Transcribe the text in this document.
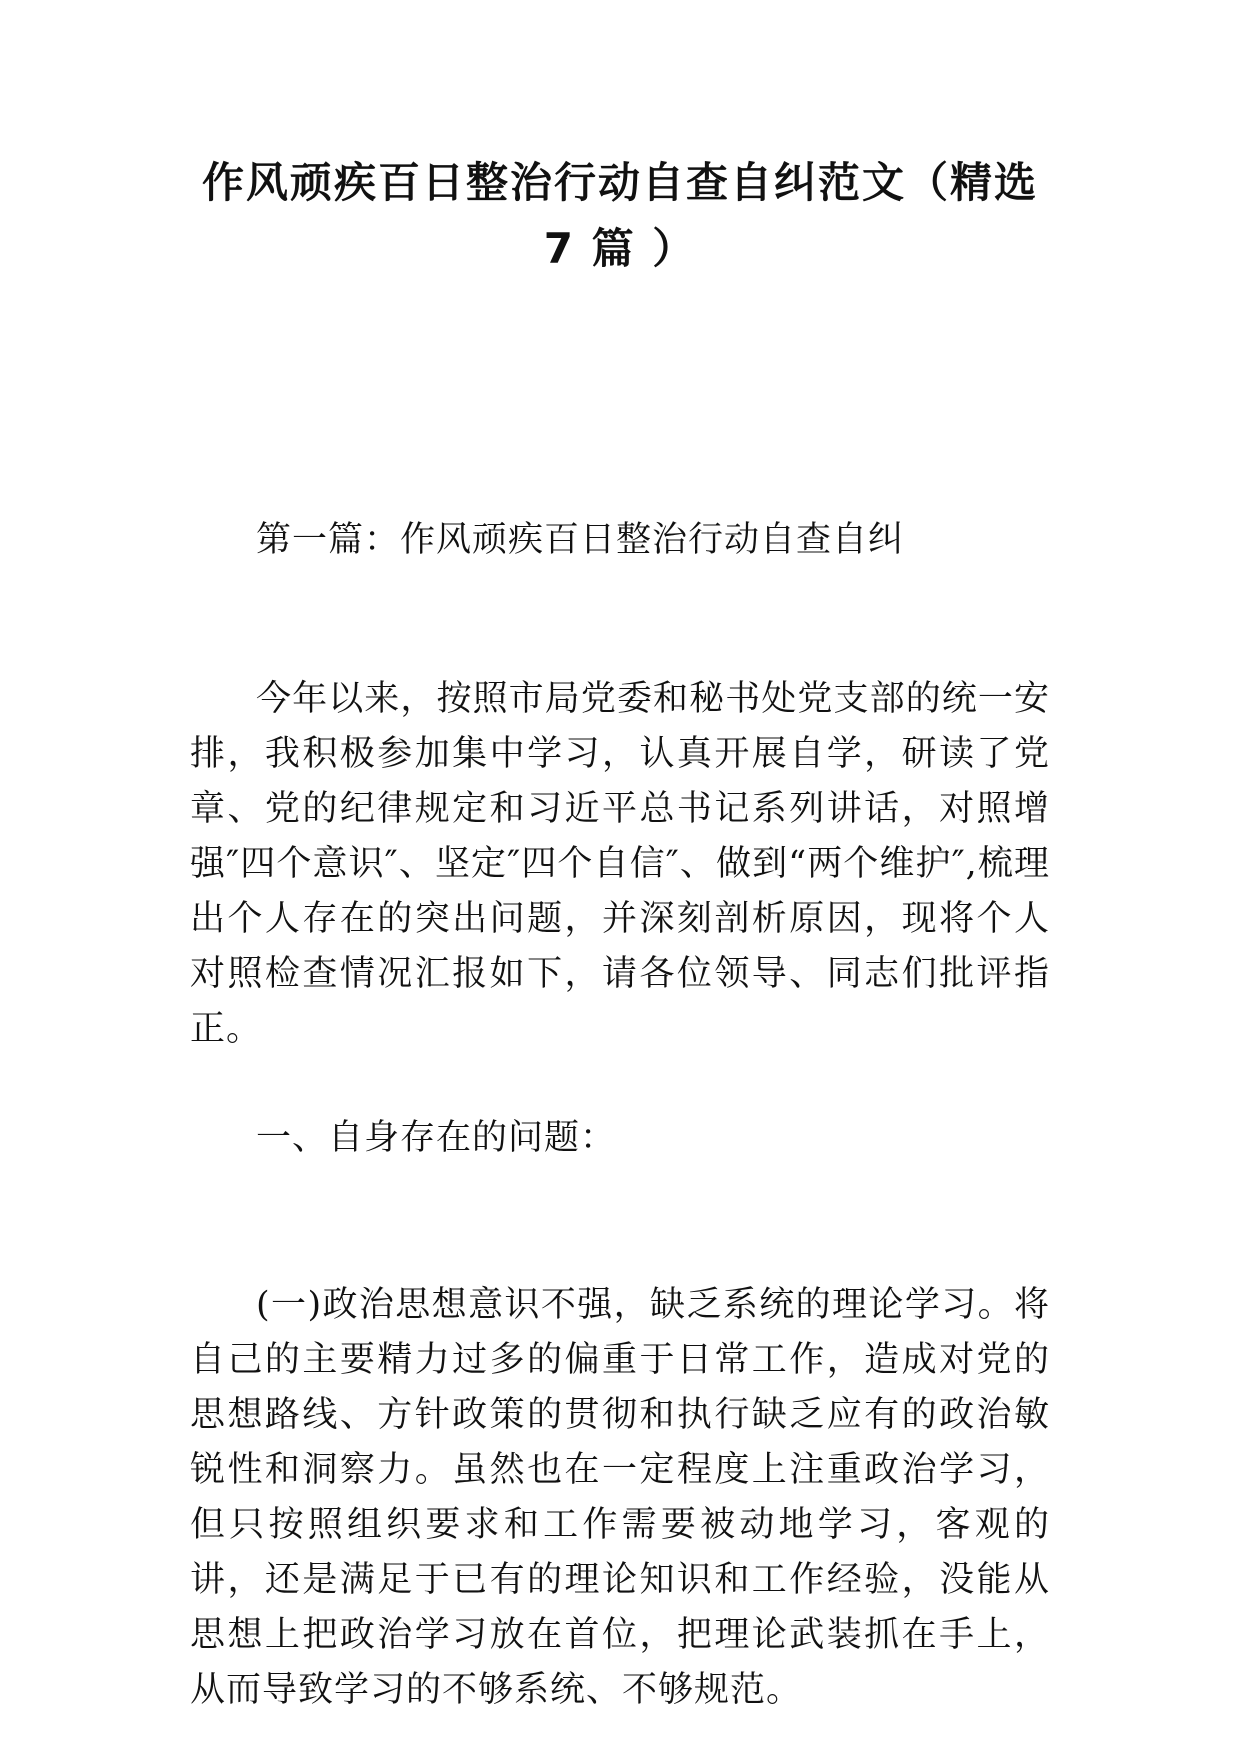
作风顽疾百日整治行动自查自纠范文（精选
7 篇 ）

第一篇：作风顽疾百日整治行动自查自纠

今年以来，按照市局党委和秘书处党支部的统一安排，我积极参加集中学习，认真开展自学，研读了党章、党的纪律规定和习近平总书记系列讲话，对照增强″四个意识″、坚定″四个自信″、做到“两个维护″,梳理出个人存在的突出问题，并深刻剖析原因，现将个人对照检查情况汇报如下，请各位领导、同志们批评指正。

一、自身存在的问题：

(一)政治思想意识不强，缺乏系统的理论学习。将自己的主要精力过多的偏重于日常工作，造成对党的思想路线、方针政策的贯彻和执行缺乏应有的政治敏锐性和洞察力。虽然也在一定程度上注重政治学习，但只按照组织要求和工作需要被动地学习，客观的讲，还是满足于已有的理论知识和工作经验，没能从思想上把政治学习放在首位，把理论武装抓在手上，从而导致学习的不够系统、不够规范。
